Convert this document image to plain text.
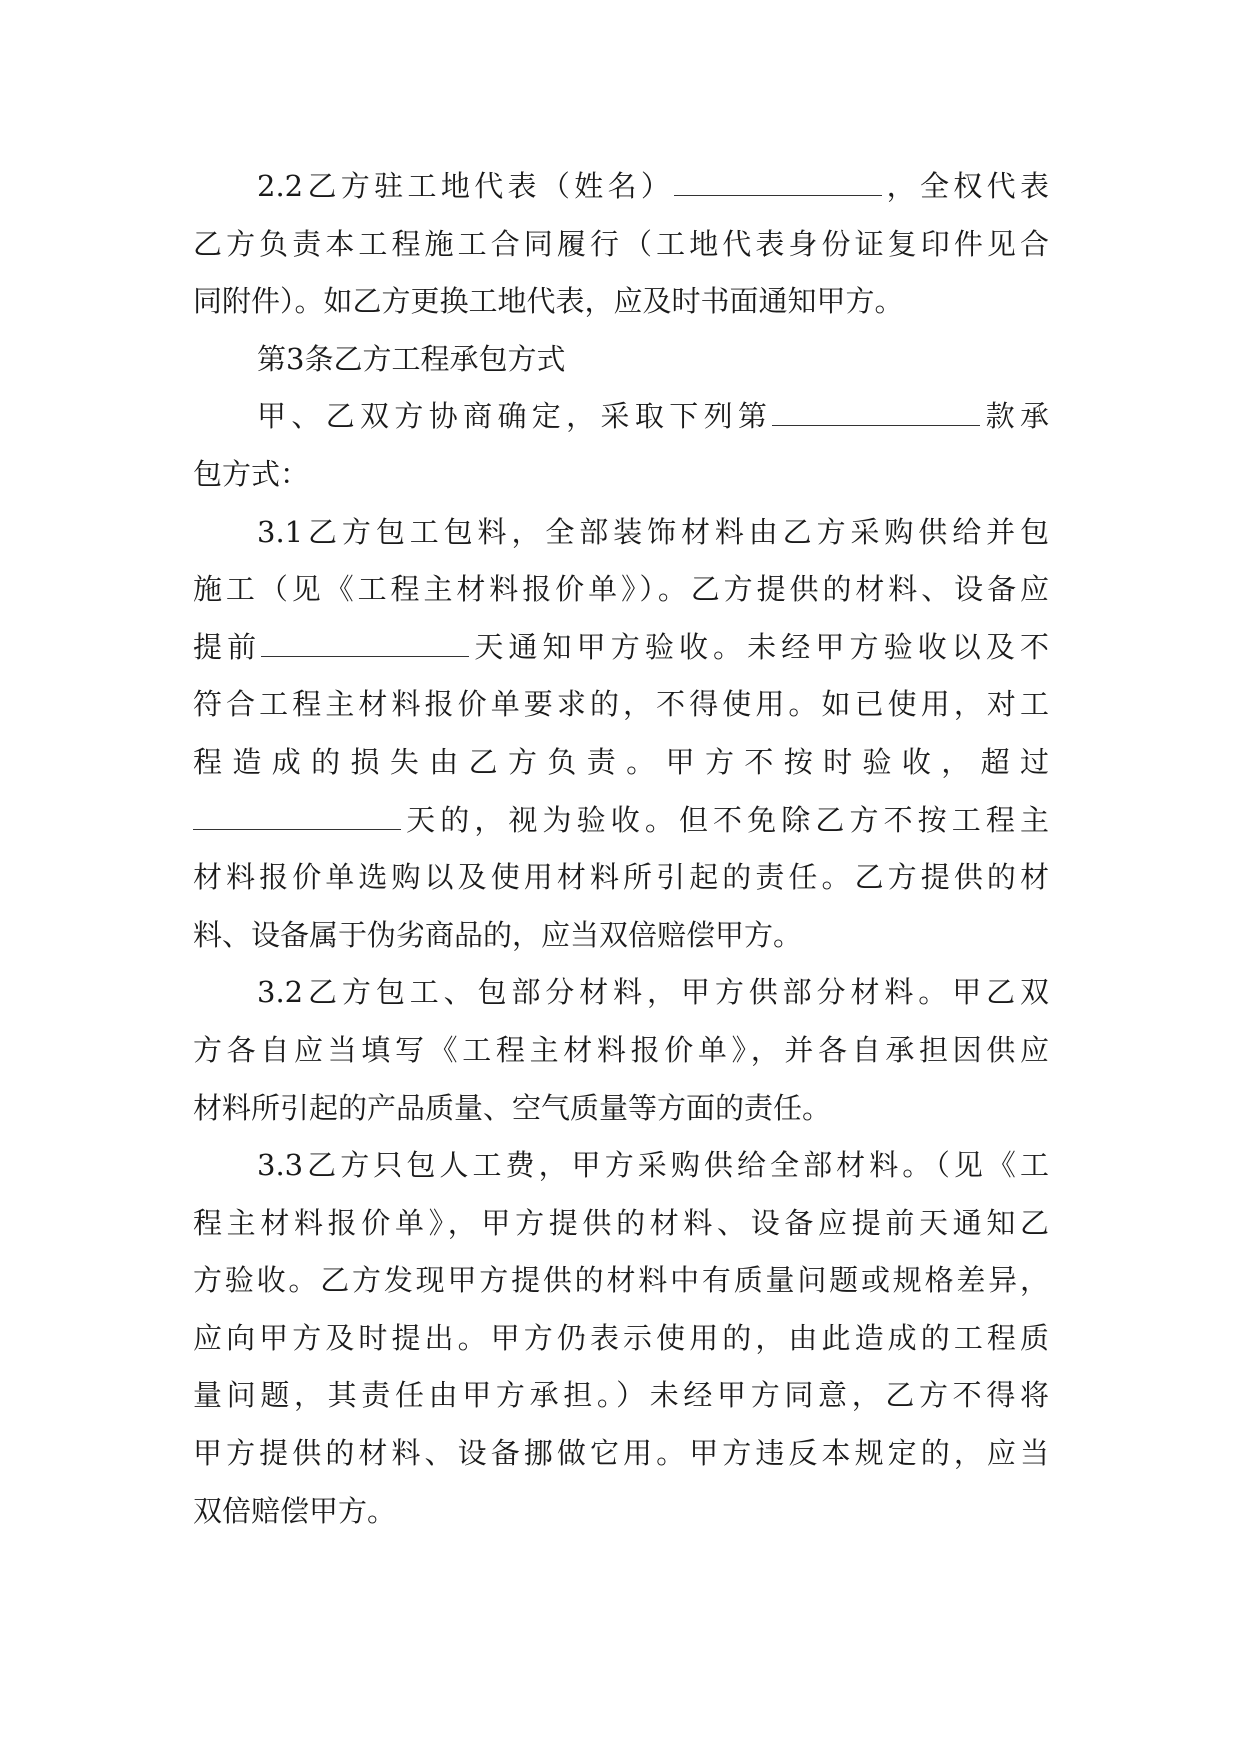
2.2乙方驻工地代表（姓名）	，全权代表
乙方负责本工程施工合同履行（工地代表身份证复印件见合
同附件）。如乙方更换工地代表，应及时书面通知甲方。
第3条乙方工程承包方式
甲、乙双方协商确定，采取下列第	款承
包方式：
3.1乙方包工包料，全部装饰材料由乙方采购供给并包
施工（见《工程主材料报价单》）。乙方提供的材料、设备应
提前	天通知甲方验收。未经甲方验收以及不
符合工程主材料报价单要求的，不得使用。如已使用，对工
程造成的损失由乙方负责。甲方不按时验收，超过
天的，视为验收。但不免除乙方不按工程主
材料报价单选购以及使用材料所引起的责任。乙方提供的材
料、设备属于伪劣商品的，应当双倍赔偿甲方。
3.2乙方包工、包部分材料，甲方供部分材料。甲乙双
方各自应当填写《工程主材料报价单》，并各自承担因供应
材料所引起的产品质量、空气质量等方面的责任。
3.3乙方只包人工费，甲方采购供给全部材料。（见《工
程主材料报价单》，甲方提供的材料、设备应提前天通知乙
方验收。乙方发现甲方提供的材料中有质量问题或规格差异，
应向甲方及时提出。甲方仍表示使用的，由此造成的工程质
量问题，其责任由甲方承担。）未经甲方同意，乙方不得将
甲方提供的材料、设备挪做它用。甲方违反本规定的，应当
双倍赔偿甲方。
